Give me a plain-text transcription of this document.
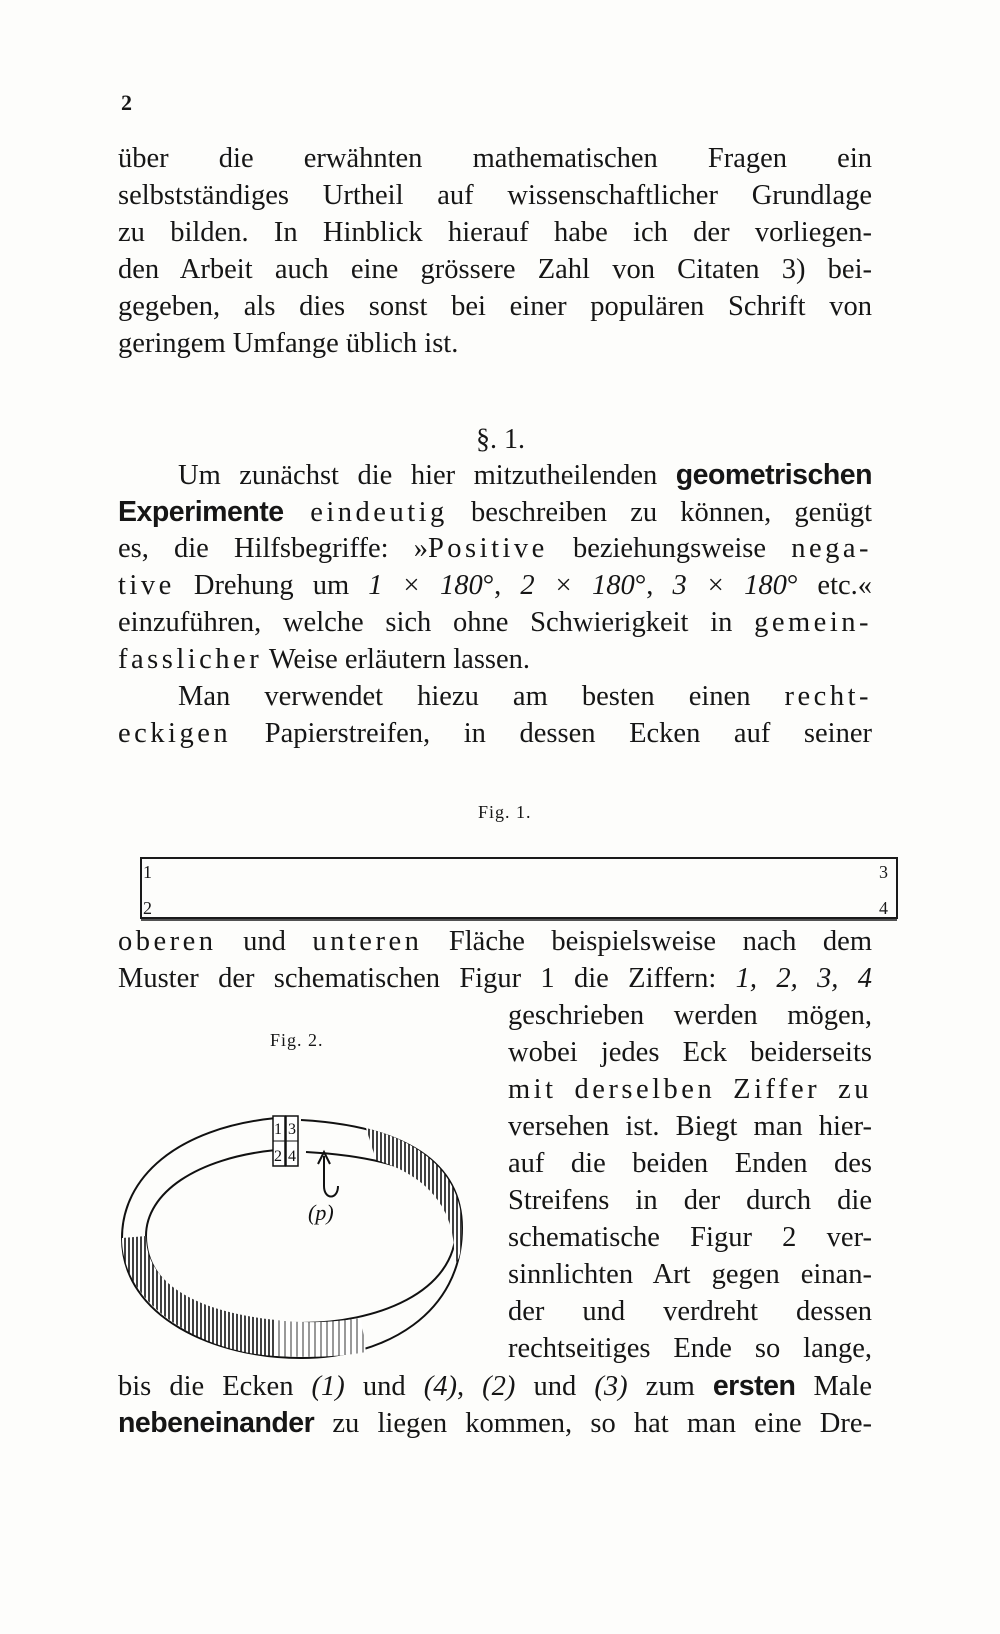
2
über die erwähnten mathematischen Fragen ein
selbstständiges Urtheil auf wissenschaftlicher Grundlage
zu bilden. In Hinblick hierauf habe ich der vorliegen-
den Arbeit auch eine grössere Zahl von Citaten 3) bei-
gegeben, als dies sonst bei einer populären Schrift von
geringem Umfange üblich ist.
§. 1.
Um zunächst die hier mitzutheilenden geometrischen
Experimente eindeutig beschreiben zu können, genügt
es, die Hilfsbegriffe: »Positive beziehungsweise nega-
tive Drehung um 1 × 180°, 2 × 180°, 3 × 180° etc.«
einzuführen, welche sich ohne Schwierigkeit in gemein-
fasslicher Weise erläutern lassen.
Man verwendet hiezu am besten einen recht-
eckigen Papierstreifen, in dessen Ecken auf seiner
Fig. 1.
1
2
3
4
oberen und unteren Fläche beispielsweise nach dem
Muster der schematischen Figur 1 die Ziffern: 1, 2, 3, 4
Fig. 2.
geschrieben werden mögen,
wobei jedes Eck beiderseits
mit derselben Ziffer zu
versehen ist. Biegt man hier-
auf die beiden Enden des
Streifens in der durch die
schematische Figur 2 ver-
sinnlichten Art gegen einan-
der und verdreht dessen
rechtseitiges Ende so lange,
1
2
3
4
(p)
bis die Ecken (1) und (4), (2) und (3) zum ersten Male
nebeneinander zu liegen kommen, so hat man eine Dre-
